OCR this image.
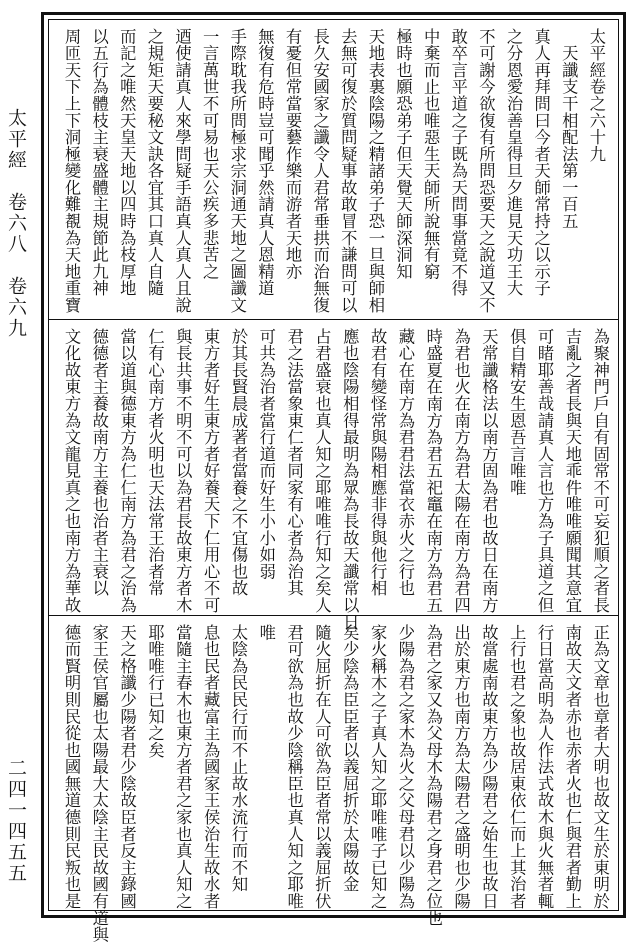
太平經　卷六八　卷六九
二四一四五五
太平經卷之六十九
　天讖支干相配法第一百五
真人再拜問曰今者天師常持之以示子
之分恩愛治善皇得旦夕進見天功王大
不可謝今欲復有所問恐要天之說道又不
敢卒言平道之子既為天問事當竟不得
中棄而止也唯惡生天師所說無有窮
極時也願恐弟子但天覺天師深洞知
天地表裏陰陽之精諸弟子恐一旦與師相
去無可復於質問疑事故敢冒不謙問可以
長久安國家之讖令人君常垂拱而治無復
有憂但常當要藝作樂而游者天地亦
無復有危時豈可聞乎然請真人恩精道
手際耽我所問極求宗洞通天地之圖讖文
一言萬世不可易也天公疾多悲苦之
迺使請真人來學問疑手語真人真人且說
之規矩天要秘文訣各宜其口真人自隨
而記之唯然天皇天地以四時為枝厚地
以五行為體枝主衰盛體主規節此九神
周匝天下上下洞極變化難覩為天地重寶
為聚神門戶自有固常不可妄犯順之者長
吉亂之者長與天地乖件唯唯願聞其意宜
可睹耶善哉請真人言也方為子具道之但
俱自精安生恩吾言唯唯
天常讖格法以南方固為君也故日在南方
為君也火在南方為君太陽在南方為君四
時盛夏在南方為君五祀竈在南方為君五
藏心在南方為君君法當衣赤火之行也
故君有變怪常與陽相應非得與他行相
應也陰陽相得最明為眾為長故天讖常以日
占君盛衰也真人知之耶唯唯行知之矣人
君之法當象東仁者同家有心者為治其
可共為治者當行道而好生小小如弱
於其長賢晨成著者當養之不宜傷也故
東方者好生東方者好養天下仁用心不可
與長共事不明不可以為君長故東方者木
仁有心南方者火明也天法常王治者常
當以道與德東方為仁仁南方為君之治為
德德者主養故南方主養也治者主衰以
文化故東方為文龍見真之也南方為華故
正為文章也章者大明也故文生於東明於
南故天文者赤也赤者火也仁與君者勤上
行日當高明為人作法式故木與火無者輒
上行也君之象也故居東依仁而上其治者
故當處南故東方為少陽君之始生也故日
出於東方也南方為太陽君之盛明也少陽
為君之家又為父母木為陽君之身君之位也
少陽為君之家木為火之父母君以少陽為
家火稱木之子真人知之耶唯唯子已知之
矣少陰為臣臣者以義屈折於太陽故金
隨火屈折在人可欲為臣者常以義屈折伏
君可欲為也故少陰稱臣也真人知之耶唯
唯
太陰為民民行而不止故水流行而不知
息也民者藏富主為國家王侯治生故水者
當隨主春木也東方者君之家也真人知之
耶唯唯行已知之矣
天之格讖少陽者君少陰故臣者反主錄國
家王侯官屬也太陽最大太陰主民故國有道與
德而賢明則民從也國無道德則民叛也是
